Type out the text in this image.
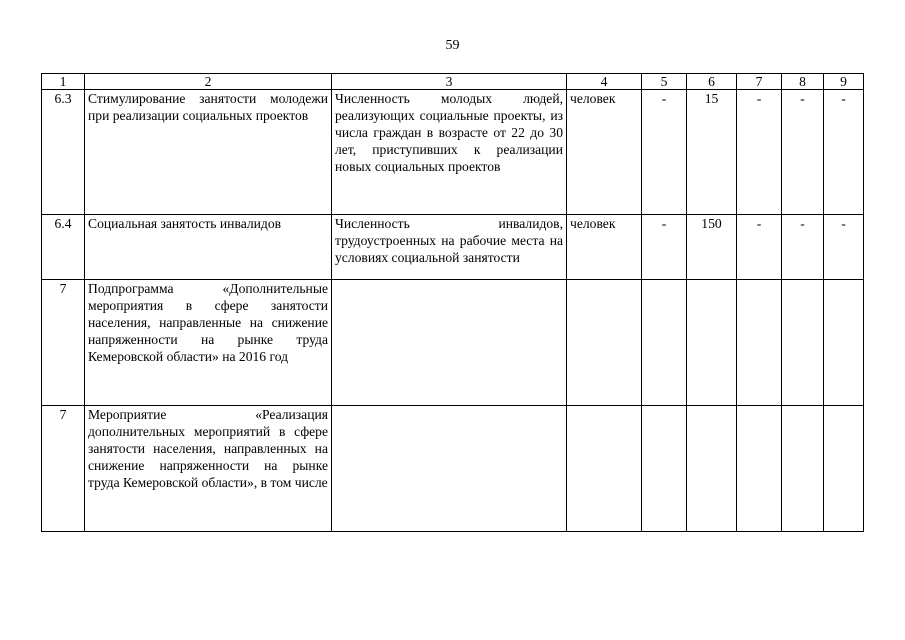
59
1	2	3	4	5	6	7	8	9
6.3	Стимулирование занятости молодежи при реализации социальных проектов	Численность молодых людей, реализующих социальные проекты, из числа граждан в возрасте от 22 до 30 лет, приступивших к реализации новых социальных проектов	человек	-	15	-	-	-
6.4	Социальная занятость инвалидов	Численность инвалидов, трудоустроенных на рабочие места на условиях социальной занятости	человек	-	150	-	-	-
7	Подпрограмма «Дополнительные мероприятия в сфере занятости населения, направленные на снижение напряженности на рынке труда Кемеровской области» на 2016 год							
7	Мероприятие «Реализация дополнительных мероприятий в сфере занятости населения, направленных на снижение напряженности на рынке труда Кемеровской области», в том числе							
